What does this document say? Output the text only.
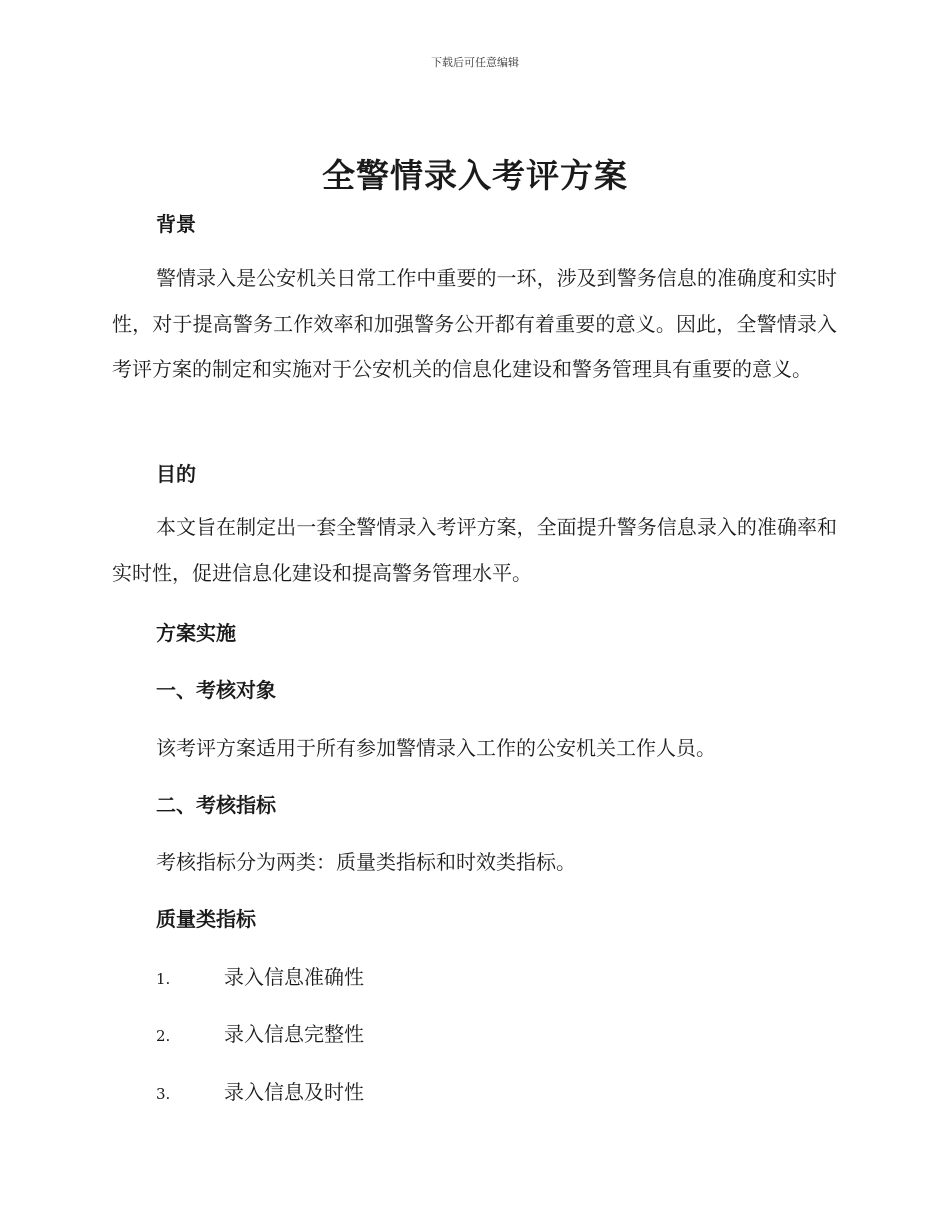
下载后可任意编辑
全警情录入考评方案
背景

警情录入是公安机关日常工作中重要的一环，涉及到警务信息的准确度和实时性，对于提高警务工作效率和加强警务公开都有着重要的意义。因此，全警情录入考评方案的制定和实施对于公安机关的信息化建设和警务管理具有重要的意义。

目的

本文旨在制定出一套全警情录入考评方案，全面提升警务信息录入的准确率和实时性，促进信息化建设和提高警务管理水平。

方案实施
一、考核对象

该考评方案适用于所有参加警情录入工作的公安机关工作人员。

二、考核指标

考核指标分为两类：质量类指标和时效类指标。

质量类指标
1.	录入信息准确性
2.	录入信息完整性
3.	录入信息及时性
